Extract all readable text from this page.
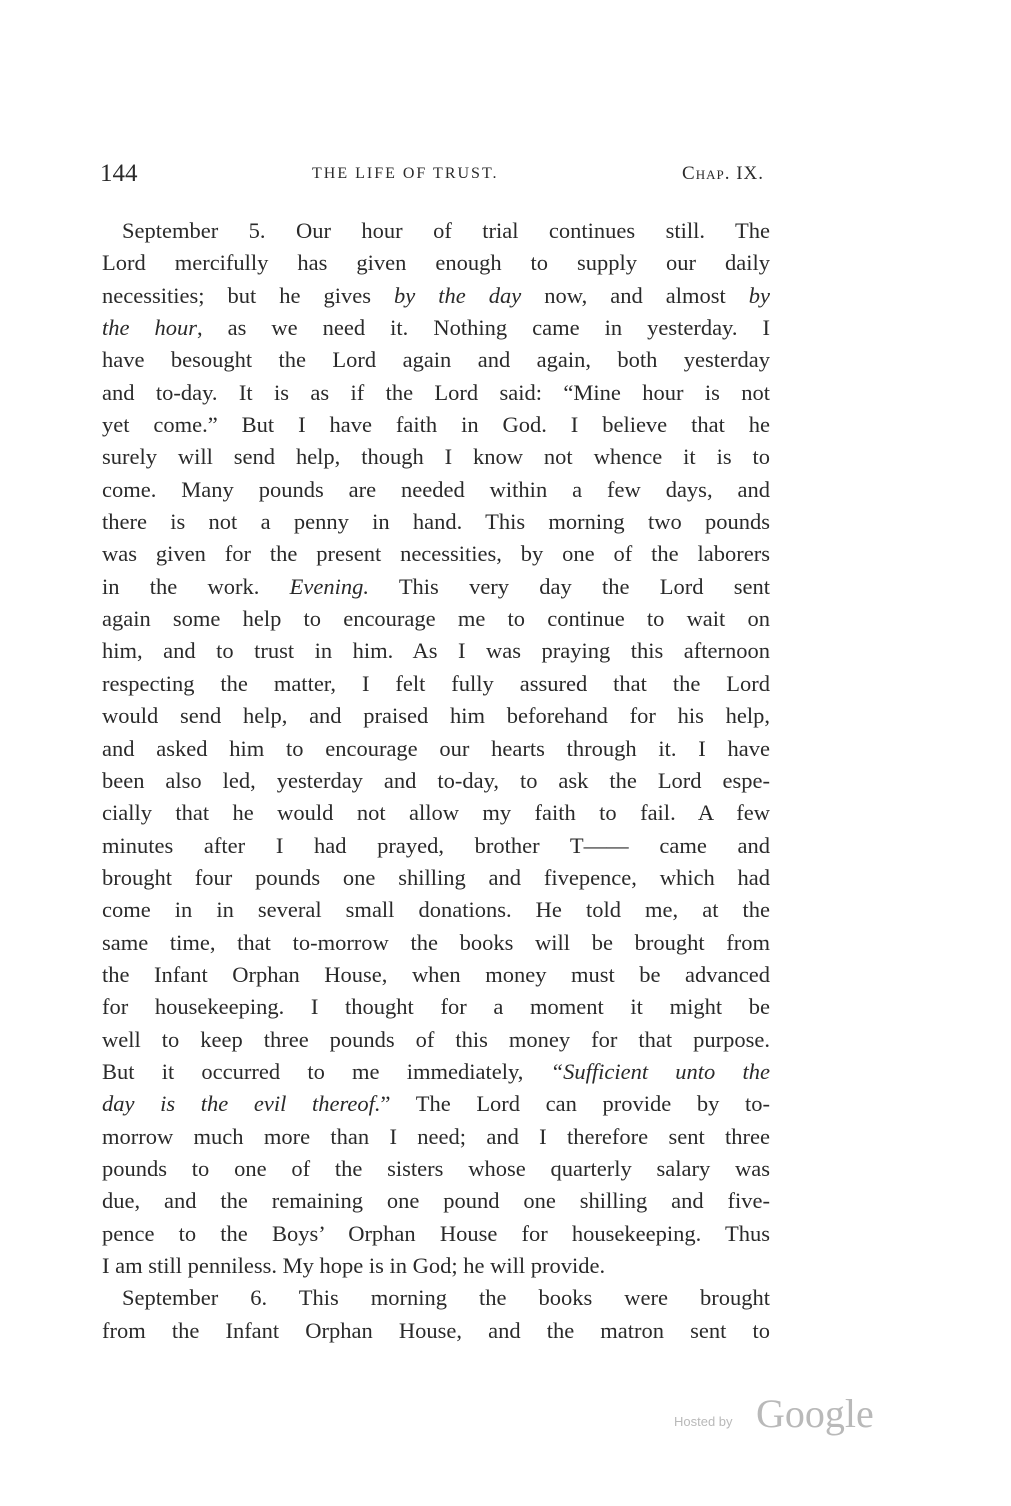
144	THE LIFE OF TRUST.	Chap. IX.
September 5. Our hour of trial continues still. The
Lord mercifully has given enough to supply our daily
necessities; but he gives by the day now, and almost by
the hour, as we need it. Nothing came in yesterday. I
have besought the Lord again and again, both yesterday
and to-day. It is as if the Lord said: “Mine hour is not
yet come.” But I have faith in God. I believe that he
surely will send help, though I know not whence it is to
come. Many pounds are needed within a few days, and
there is not a penny in hand. This morning two pounds
was given for the present necessities, by one of the laborers
in the work. Evening. This very day the Lord sent
again some help to encourage me to continue to wait on
him, and to trust in him. As I was praying this afternoon
respecting the matter, I felt fully assured that the Lord
would send help, and praised him beforehand for his help,
and asked him to encourage our hearts through it. I have
been also led, yesterday and to-day, to ask the Lord espe-
cially that he would not allow my faith to fail. A few
minutes after I had prayed, brother T—— came and
brought four pounds one shilling and fivepence, which had
come in in several small donations. He told me, at the
same time, that to-morrow the books will be brought from
the Infant Orphan House, when money must be advanced
for housekeeping. I thought for a moment it might be
well to keep three pounds of this money for that purpose.
But it occurred to me immediately, “Sufficient unto the
day is the evil thereof.” The Lord can provide by to-
morrow much more than I need; and I therefore sent three
pounds to one of the sisters whose quarterly salary was
due, and the remaining one pound one shilling and five-
pence to the Boys’ Orphan House for housekeeping. Thus
I am still penniless. My hope is in God; he will provide.
September 6. This morning the books were brought
from the Infant Orphan House, and the matron sent to
Hosted by Google
